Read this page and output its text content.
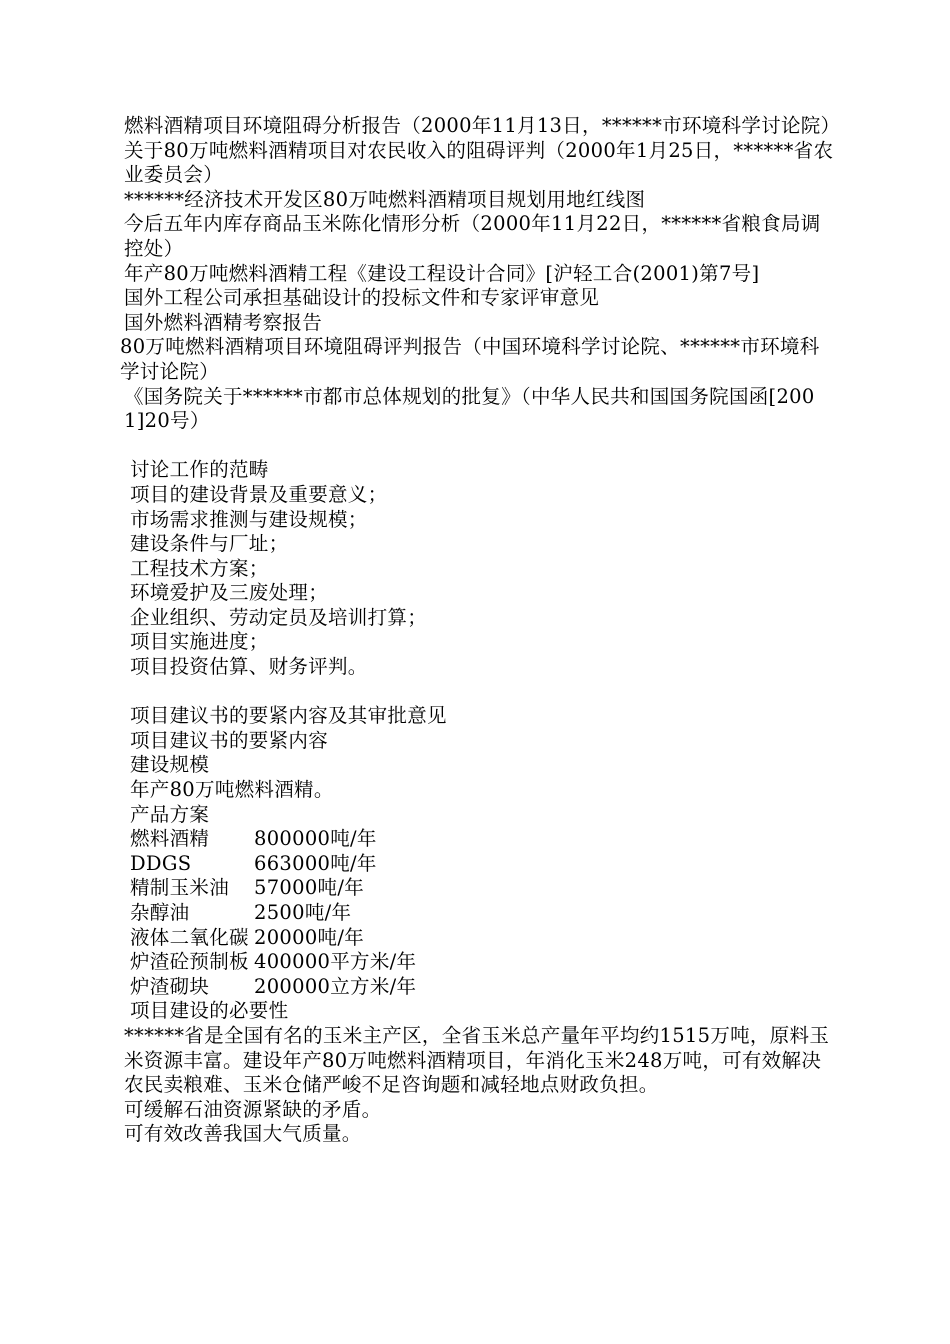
燃料酒精项目环境阻碍分析报告（2000年11月13日，******市环境科学讨论院）

关于80万吨燃料酒精项目对农民收入的阻碍评判（2000年1月25日，******省农业委员会）

******经济技术开发区80万吨燃料酒精项目规划用地红线图

今后五年内库存商品玉米陈化情形分析（2000年11月22日，******省粮食局调控处）

年产80万吨燃料酒精工程《建设工程设计合同》[沪轻工合(2001)第7号]

国外工程公司承担基础设计的投标文件和专家评审意见

国外燃料酒精考察报告

80万吨燃料酒精项目环境阻碍评判报告（中国环境科学讨论院、******市环境科学讨论院）

《国务院关于******市都市总体规划的批复》（中华人民共和国国务院国函[2001]20号）

讨论工作的范畴

项目的建设背景及重要意义；

市场需求推测与建设规模；

建设条件与厂址；

工程技术方案；

环境爱护及三废处理；

企业组织、劳动定员及培训打算；

项目实施进度；

项目投资估算、财务评判。

项目建议书的要紧内容及其审批意见

项目建议书的要紧内容

建设规模

年产80万吨燃料酒精。

产品方案

燃料酒精	800000吨/年
DDGS	663000吨/年
精制玉米油	57000吨/年
杂醇油	2500吨/年
液体二氧化碳 20000吨/年
炉渣砼预制板 400000平方米/年
炉渣砌块	200000立方米/年

项目建设的必要性

******省是全国有名的玉米主产区，全省玉米总产量年平均约1515万吨，原料玉米资源丰富。建设年产80万吨燃料酒精项目，年消化玉米248万吨，可有效解决农民卖粮难、玉米仓储严峻不足咨询题和减轻地点财政负担。

可缓解石油资源紧缺的矛盾。

可有效改善我国大气质量。
